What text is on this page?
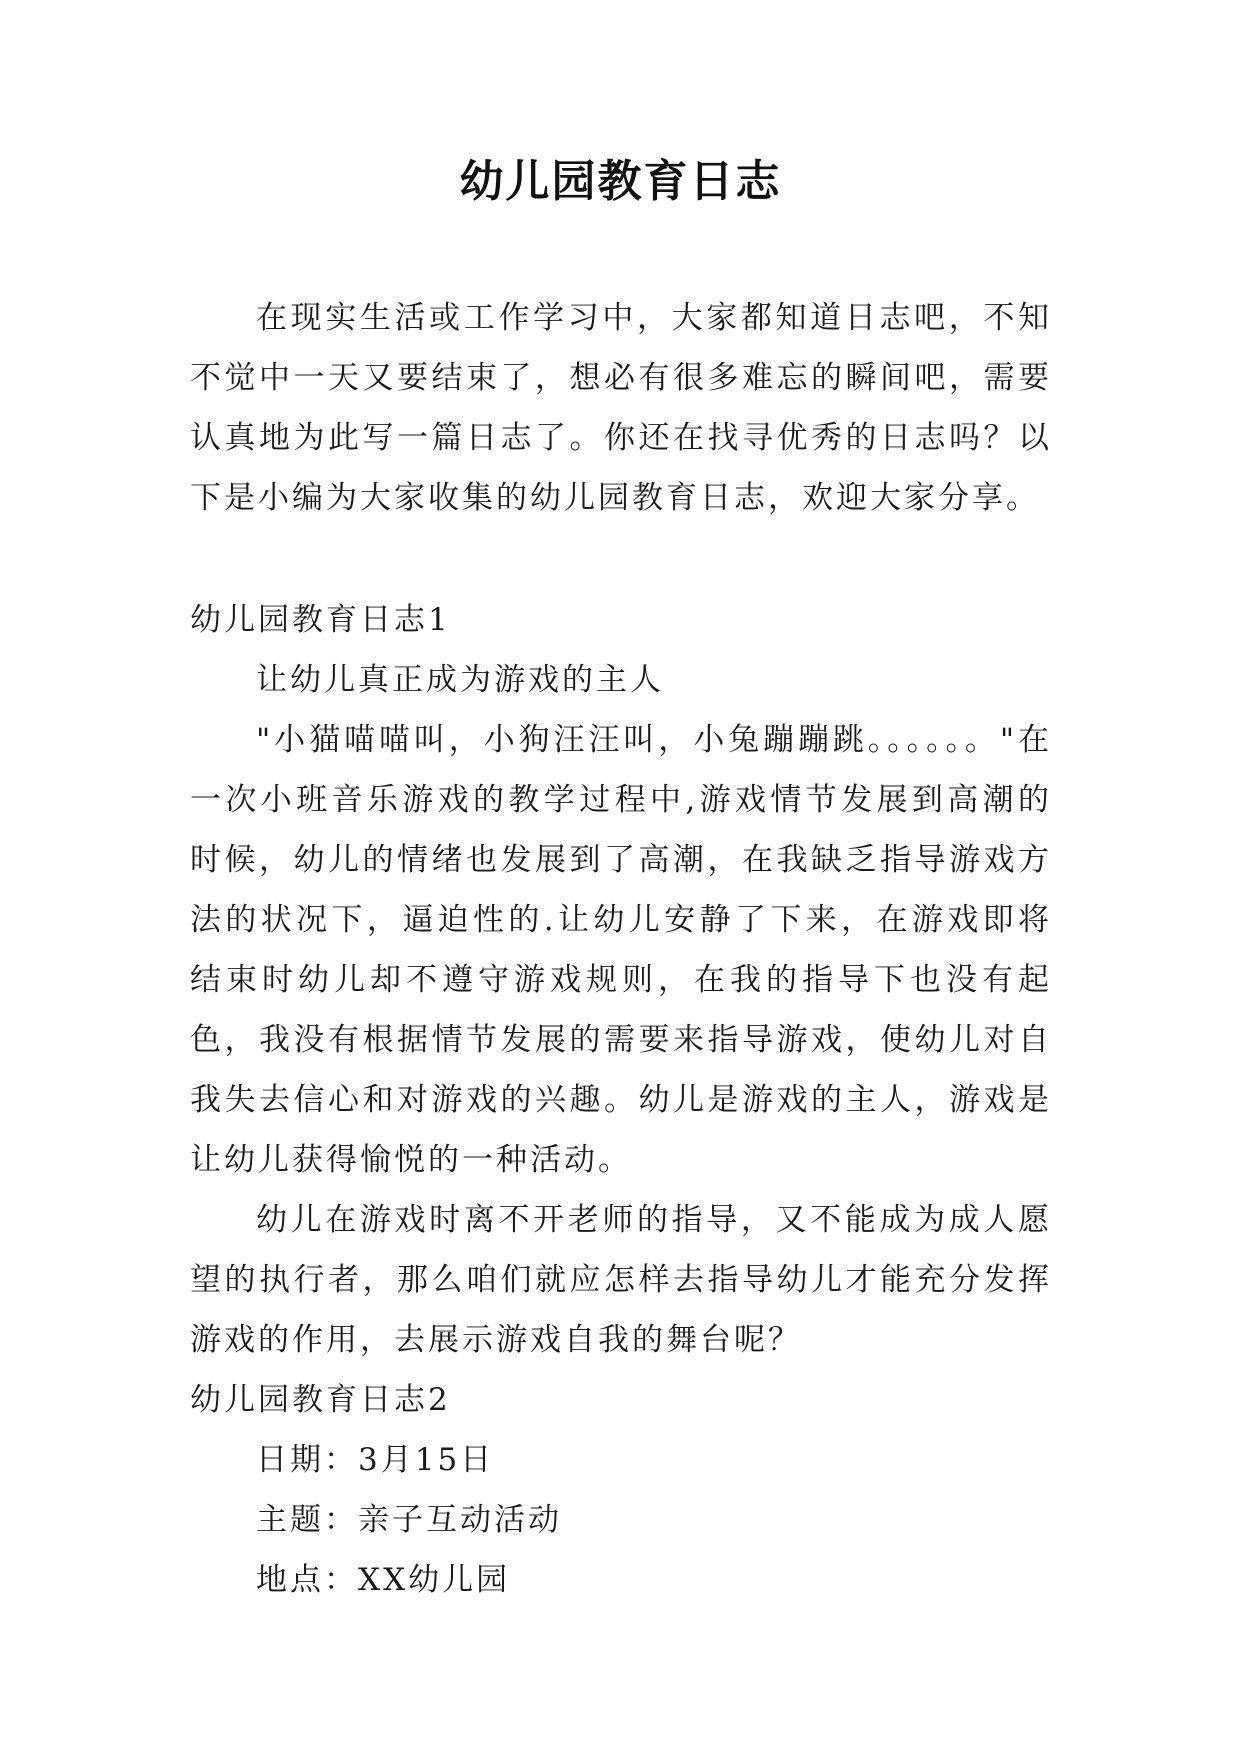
幼儿园教育日志

在现实生活或工作学习中，大家都知道日志吧，不知不觉中一天又要结束了，想必有很多难忘的瞬间吧，需要认真地为此写一篇日志了。你还在找寻优秀的日志吗？以下是小编为大家收集的幼儿园教育日志，欢迎大家分享。

幼儿园教育日志1

让幼儿真正成为游戏的主人

"小猫喵喵叫，小狗汪汪叫，小兔蹦蹦跳。。。。。。"在一次小班音乐游戏的教学过程中,游戏情节发展到高潮的时候，幼儿的情绪也发展到了高潮，在我缺乏指导游戏方法的状况下，逼迫性的.让幼儿安静了下来，在游戏即将结束时幼儿却不遵守游戏规则，在我的指导下也没有起色，我没有根据情节发展的需要来指导游戏，使幼儿对自我失去信心和对游戏的兴趣。幼儿是游戏的主人，游戏是让幼儿获得愉悦的一种活动。

幼儿在游戏时离不开老师的指导，又不能成为成人愿望的执行者，那么咱们就应怎样去指导幼儿才能充分发挥游戏的作用，去展示游戏自我的舞台呢？

幼儿园教育日志2

日期：3月15日

主题：亲子互动活动

地点：XX幼儿园
